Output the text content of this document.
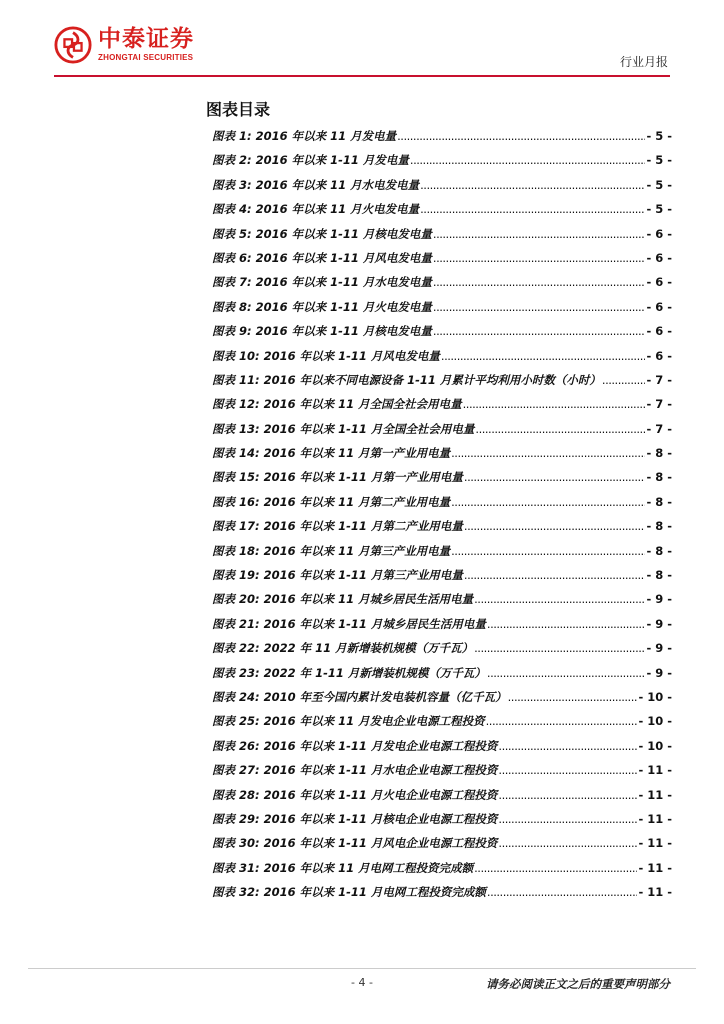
中泰证券
ZHONGTAI SECURITIES	行业月报
图表目录
图表 1: 2016 年以来 11 月发电量 .....	- 5 -
图表 2: 2016 年以来 1-11 月发电量 .....	- 5 -
图表 3: 2016 年以来 11 月水电发电量 .....	- 5 -
图表 4: 2016 年以来 11 月火电发电量 .....	- 5 -
图表 5: 2016 年以来 1-11 月核电发电量 .....	- 6 -
图表 6: 2016 年以来 1-11 月风电发电量 .....	- 6 -
图表 7: 2016 年以来 1-11 月水电发电量 .....	- 6 -
图表 8: 2016 年以来 1-11 月火电发电量 .....	- 6 -
图表 9: 2016 年以来 1-11 月核电发电量 .....	- 6 -
图表 10: 2016 年以来 1-11 月风电发电量 .....	- 6 -
图表 11: 2016 年以来不同电源设备 1-11 月累计平均利用小时数（小时） .....	- 7 -
图表 12: 2016 年以来 11 月全国全社会用电量 .....	- 7 -
图表 13: 2016 年以来 1-11 月全国全社会用电量 .....	- 7 -
图表 14: 2016 年以来 11 月第一产业用电量 .....	- 8 -
图表 15: 2016 年以来 1-11 月第一产业用电量 .....	- 8 -
图表 16: 2016 年以来 11 月第二产业用电量 .....	- 8 -
图表 17: 2016 年以来 1-11 月第二产业用电量 .....	- 8 -
图表 18: 2016 年以来 11 月第三产业用电量 .....	- 8 -
图表 19: 2016 年以来 1-11 月第三产业用电量 .....	- 8 -
图表 20: 2016 年以来 11 月城乡居民生活用电量 .....	- 9 -
图表 21: 2016 年以来 1-11 月城乡居民生活用电量 .....	- 9 -
图表 22: 2022 年 11 月新增装机规模（万千瓦） .....	- 9 -
图表 23: 2022 年 1-11 月新增装机规模（万千瓦） .....	- 9 -
图表 24: 2010 年至今国内累计发电装机容量（亿千瓦） .....	- 10 -
图表 25: 2016 年以来 11 月发电企业电源工程投资 .....	- 10 -
图表 26: 2016 年以来 1-11 月发电企业电源工程投资 .....	- 10 -
图表 27: 2016 年以来 1-11 月水电企业电源工程投资 .....	- 11 -
图表 28: 2016 年以来 1-11 月火电企业电源工程投资 .....	- 11 -
图表 29: 2016 年以来 1-11 月核电企业电源工程投资 .....	- 11 -
图表 30: 2016 年以来 1-11 月风电企业电源工程投资 .....	- 11 -
图表 31: 2016 年以来 11 月电网工程投资完成额 .....	- 11 -
图表 32: 2016 年以来 1-11 月电网工程投资完成额 .....	- 11 -
- 4 -	请务必阅读正文之后的重要声明部分
